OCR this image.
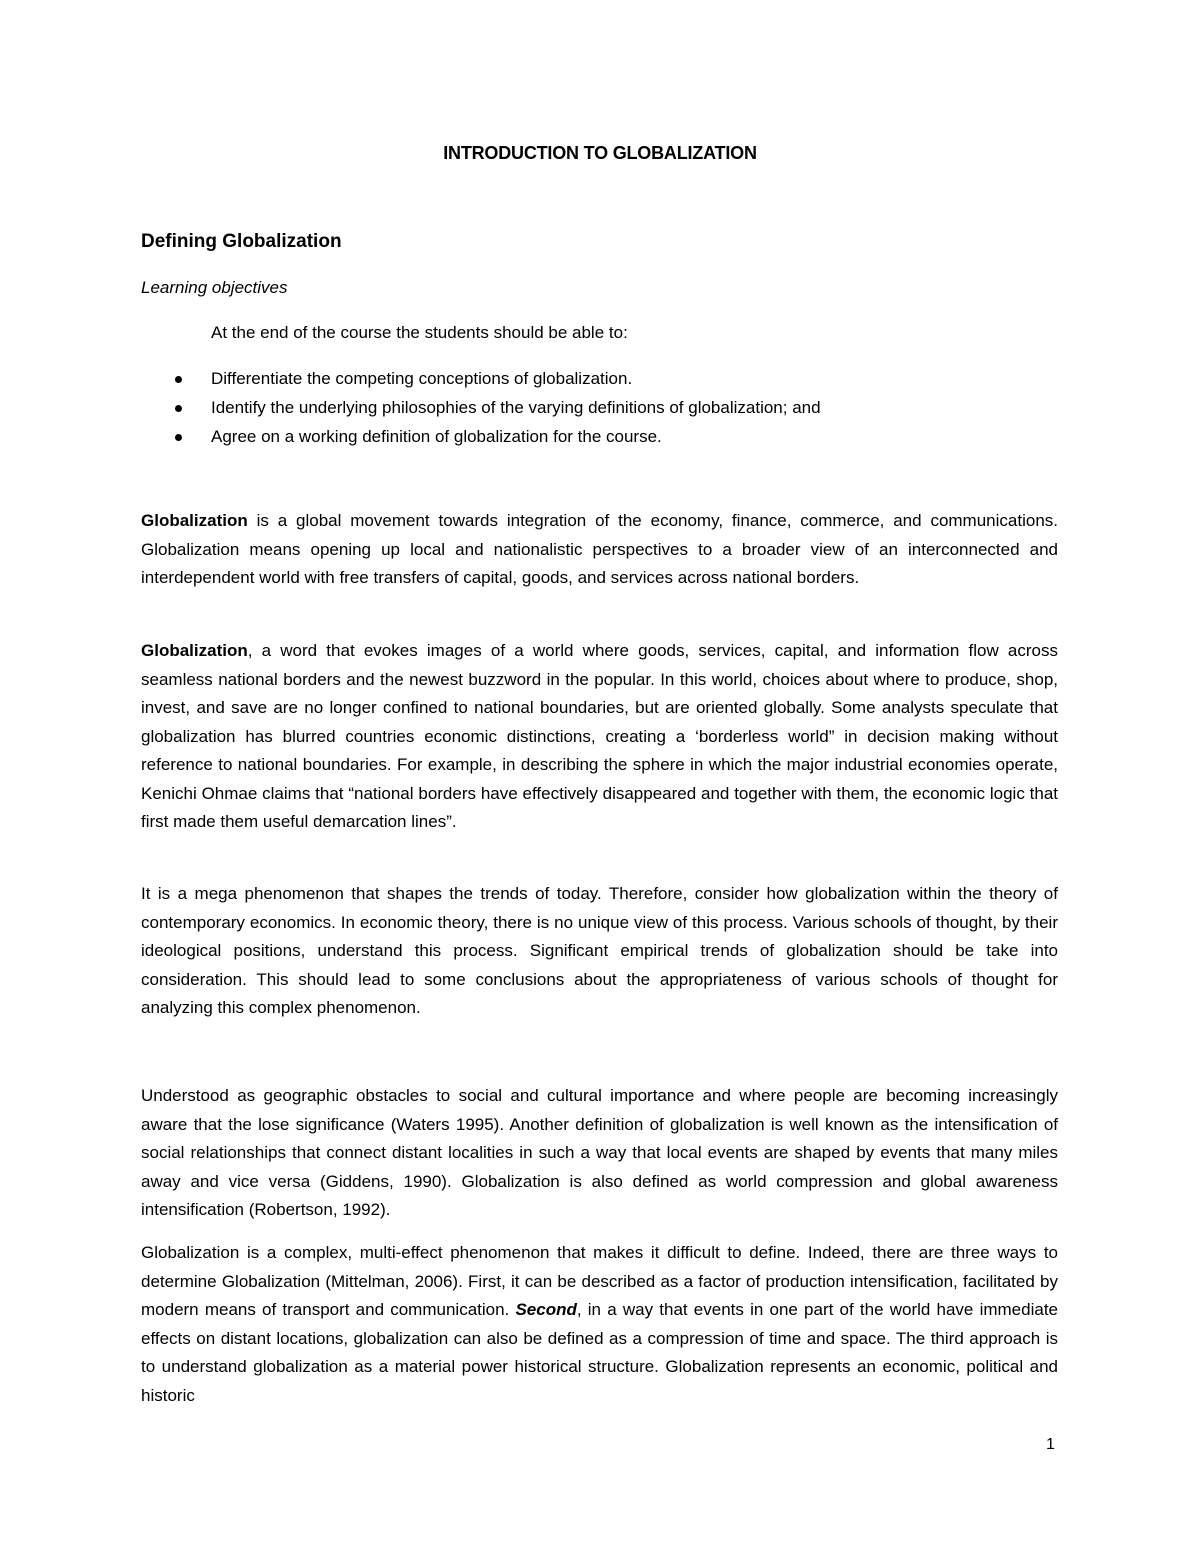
INTRODUCTION TO GLOBALIZATION
Defining Globalization

Learning objectives

At the end of the course the students should be able to:

Differentiate the competing conceptions of globalization.
Identify the underlying philosophies of the varying definitions of globalization; and
Agree on a working definition of globalization for the course.

Globalization is a global movement towards integration of the economy, finance, commerce, and communications. Globalization means opening up local and nationalistic perspectives to a broader view of an interconnected and interdependent world with free transfers of capital, goods, and services across national borders.

Globalization, a word that evokes images of a world where goods, services, capital, and information flow across seamless national borders and the newest buzzword in the popular. In this world, choices about where to produce, shop, invest, and save are no longer confined to national boundaries, but are oriented globally. Some analysts speculate that globalization has blurred countries economic distinctions, creating a ‘borderless world” in decision making without reference to national boundaries. For example, in describing the sphere in which the major industrial economies operate, Kenichi Ohmae claims that “national borders have effectively disappeared and together with them, the economic logic that first made them useful demarcation lines”.

It is a mega phenomenon that shapes the trends of today. Therefore, consider how globalization within the theory of contemporary economics. In economic theory, there is no unique view of this process. Various schools of thought, by their ideological positions, understand this process. Significant empirical trends of globalization should be take into consideration. This should lead to some conclusions about the appropriateness of various schools of thought for analyzing this complex phenomenon.

Understood as geographic obstacles to social and cultural importance and where people are becoming increasingly aware that the lose significance (Waters 1995). Another definition of globalization is well known as the intensification of social relationships that connect distant localities in such a way that local events are shaped by events that many miles away and vice versa (Giddens, 1990). Globalization is also defined as world compression and global awareness intensification (Robertson, 1992).

Globalization is a complex, multi-effect phenomenon that makes it difficult to define. Indeed, there are three ways to determine Globalization (Mittelman, 2006). First, it can be described as a factor of production intensification, facilitated by modern means of transport and communication. Second, in a way that events in one part of the world have immediate effects on distant locations, globalization can also be defined as a compression of time and space. The third approach is to understand globalization as a material power historical structure. Globalization represents an economic, political and historic

1
